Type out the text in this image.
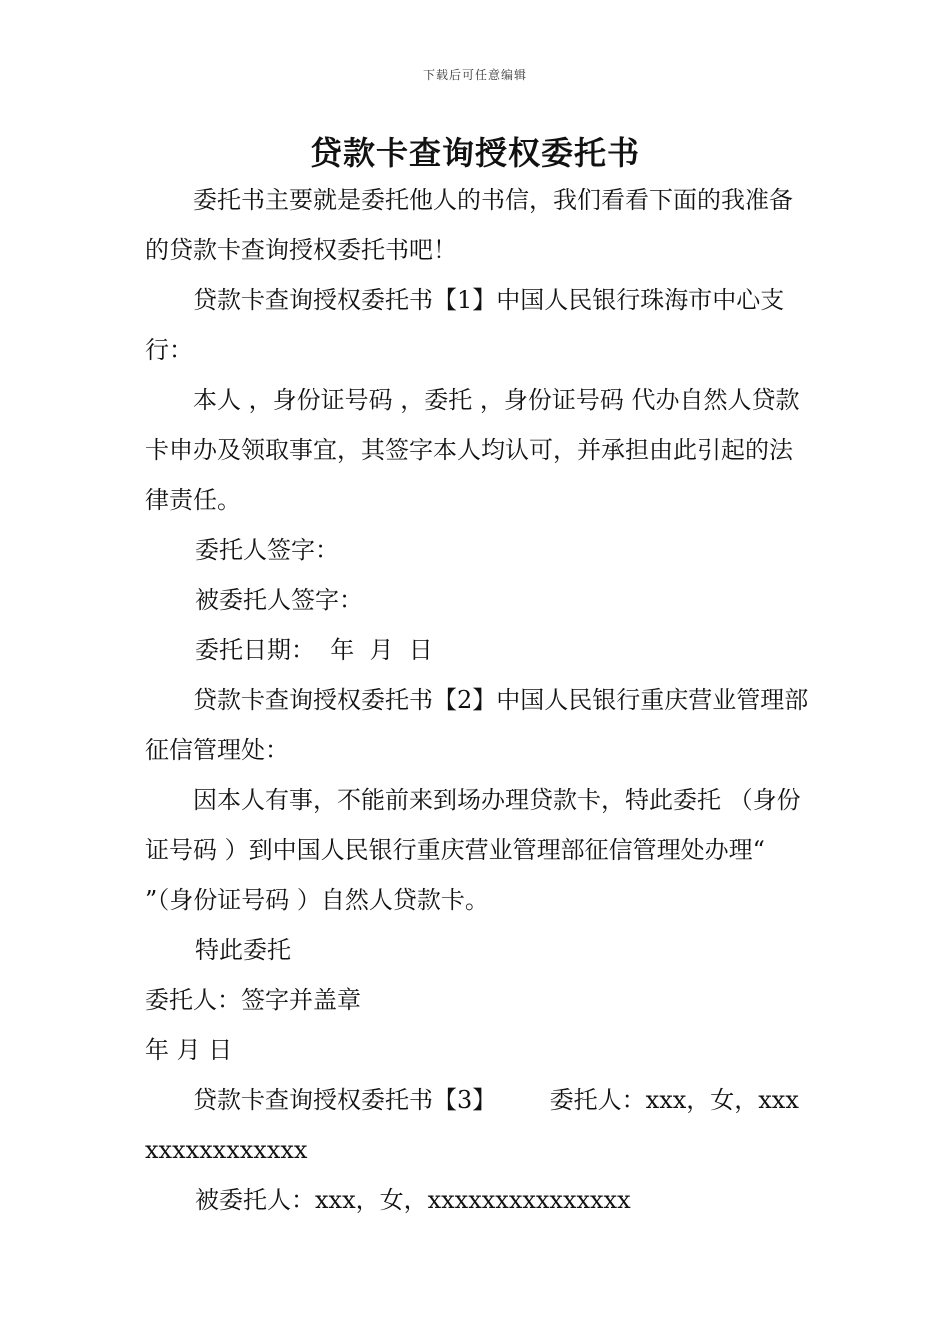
下载后可任意编辑
贷款卡查询授权委托书

委托书主要就是委托他人的书信，我们看看下面的我准备的贷款卡查询授权委托书吧！

贷款卡查询授权委托书【1】中国人民银行珠海市中心支行：

本人 ，身份证号码 ，委托 ，身份证号码 代办自然人贷款卡申办及领取事宜，其签字本人均认可，并承担由此引起的法律责任。

委托人签字：

被委托人签字：

委托日期：  年  月  日

贷款卡查询授权委托书【2】中国人民银行重庆营业管理部征信管理处：

因本人有事，不能前来到场办理贷款卡，特此委托 （身份证号码 ）到中国人民银行重庆营业管理部征信管理处办理“ ”（身份证号码 ）自然人贷款卡。

特此委托

委托人：签字并盖章

年 月 日

贷款卡查询授权委托书【3】       委托人：xxx，女，xxxxxxxxxxxxxxx

被委托人：xxx，女，xxxxxxxxxxxxxxx
